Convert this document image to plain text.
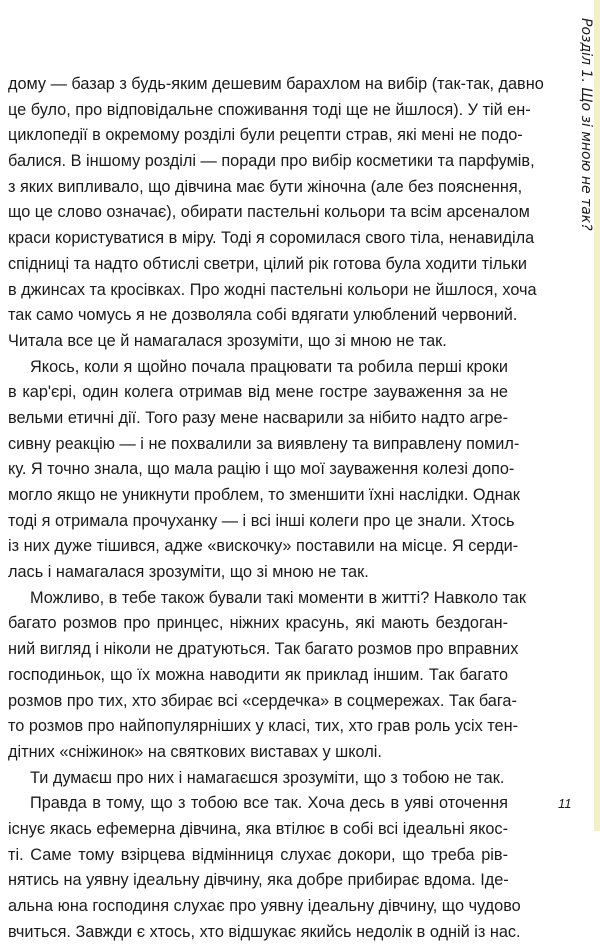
дому — базар з будь-яким дешевим барахлом на вибір (так-так, давно
це було, про відповідальне споживання тоді ще не йшлося). У тій ен-
циклопедії в окремому розділі були рецепти страв, які мені не подо-
балися. В іншому розділі — поради про вибір косметики та парфумів,
з яких випливало, що дівчина має бути жіночна (але без пояснення,
що це слово означає), обирати пастельні кольори та всім арсеналом
краси користуватися в міру. Тоді я соромилася свого тіла, ненавиділа
спідниці та надто обтислі светри, цілий рік готова була ходити тільки
в джинсах та кросівках. Про жодні пастельні кольори не йшлося, хоча
так само чомусь я не дозволяла собі вдягати улюблений червоний.
Читала все це й намагалася зрозуміти, що зі мною не так.
Якось, коли я щойно почала працювати та робила перші кроки
в кар'єрі, один колега отримав від мене гостре зауваження за не
вельми етичні дії. Того разу мене насварили за нібито надто агре-
сивну реакцію — і не похвалили за виявлену та виправлену помил-
ку. Я точно знала, що мала рацію і що мої зауваження колезі допо-
могло якщо не уникнути проблем, то зменшити їхні наслідки. Однак
тоді я отримала прочуханку — і всі інші колеги про це знали. Хтось
із них дуже тішився, адже «вискочку» поставили на місце. Я серди-
лась і намагалася зрозуміти, що зі мною не так.
Можливо, в тебе також бували такі моменти в житті? Навколо так
багато розмов про принцес, ніжних красунь, які мають бездоган-
ний вигляд і ніколи не дратуються. Так багато розмов про вправних
господиньок, що їх можна наводити як приклад іншим. Так багато
розмов про тих, хто збирає всі «сердечка» в соцмережах. Так бага-
то розмов про найпопулярніших у класі, тих, хто грав роль усіх тен-
дітних «сніжинок» на святкових виставах у школі.
Ти думаєш про них і намагаєшся зрозуміти, що з тобою не так.
Правда в тому, що з тобою все так. Хоча десь в уяві оточення
існує якась ефемерна дівчина, яка втілює в собі всі ідеальні якос-
ті. Саме тому взірцева відмінниця слухає докори, що треба рів-
нятись на уявну ідеальну дівчину, яка добре прибирає вдома. Ідe-
альна юна господиня слухає про уявну ідеальну дівчину, що чудово
вчиться. Завжди є хтось, хто відшукає якийсь недолік в одній із нас.
Розділ 1. Що зі мною не так?
11
